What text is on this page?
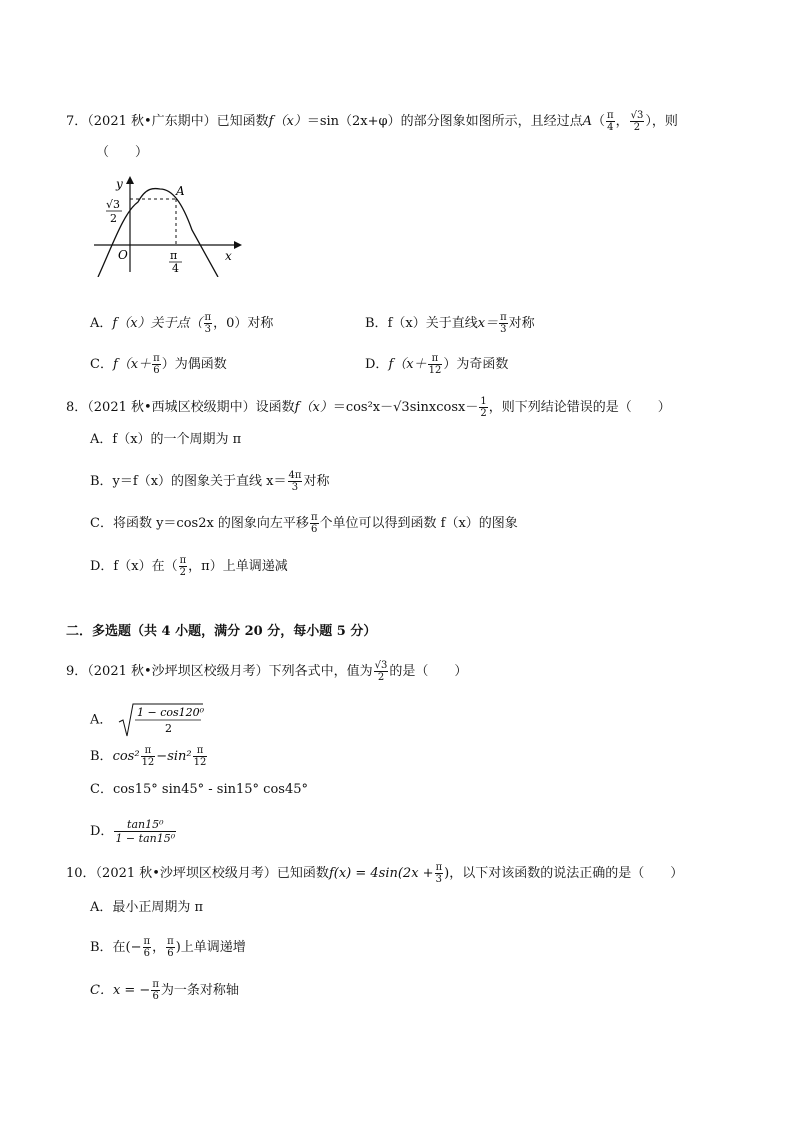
7．（2021 秋•广东期中）已知函数f（x）＝sin（2x+φ）的部分图象如图所示，且经过点$A( \frac{\pi}{4}$ ， $\frac{√3}{2}$ ），则
（　　）
y
x
O
A
√3
2
π
4
A．f（x）关于点（ $\frac{\pi}{3}$ ，0）对称	B．f（x）关于直线$x= \frac{\pi}{3}$ 对称
C．$f(x+ \frac{\pi}{6}$ ）为偶函数	D．$f(x+ \frac{\pi}{12}$ ）为奇函数
8．（2021 秋•西城区校级期中）设函数f（x）＝cos²x－√3sinxcosx－ $\frac{1}{2}$ ，则下列结论错误的是（　　）
A．f（x）的一个周期为 π
B．y＝f（x）的图象关于直线 $x= \frac{4\pi}{3}$ 对称
C．将函数 y＝cos2x 的图象向左平移 $\frac{\pi}{6}$ 个单位可以得到函数 f（x）的图象
D．f（x）在（ $\frac{\pi}{2}$ ，π）上单调递减
二．多选题（共 4 小题，满分 20 分，每小题 5 分）
9．（2021 秋•沙坪坝区校级月考）下列各式中，值为 $\frac{√3}{2}$ 的是（　　）
A． 1 − cos120⁰
2
B．$\cos^2 \frac{\pi}{12} -\sin^2 \frac{\pi}{12}$
C．cos15° sin45° - sin15° cos45°
D． $\frac{\text{tan15⁰}}{\text{1 − tan15⁰}}$
10．（2021 秋•沙坪坝区校级月考）已知函数$f(x) = 4\sin(2x + \frac{\pi}{3}$ )，以下对该函数的说法正确的是（　　）
A．最小正周期为 π
B．在(− $\frac{\pi}{6}$ ， $\frac{\pi}{6}$ )上单调递增
C．x = − $\frac{\pi}{6}$ 为一条对称轴
